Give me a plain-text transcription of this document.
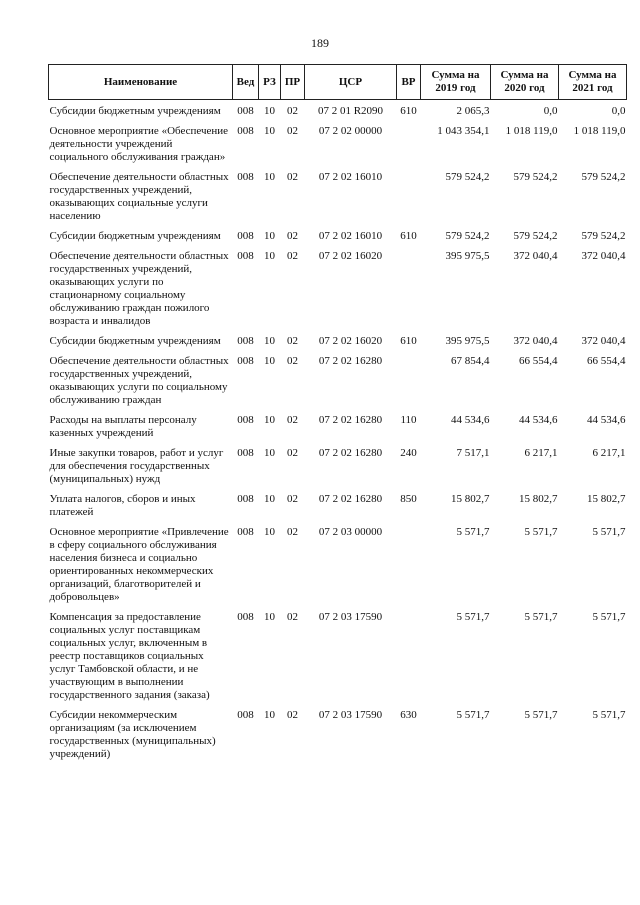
189
Наименование	Вед	РЗ	ПР	ЦСР	ВР	Сумма на 2019 год	Сумма на 2020 год	Сумма на 2021 год
Субсидии бюджетным учреждениям	008	10	02	07 2 01 R2090	610	2 065,3	0,0	0,0
Основное мероприятие «Обеспечение деятельности учреждений социального обслуживания граждан»	008	10	02	07 2 02 00000		1 043 354,1	1 018 119,0	1 018 119,0
Обеспечение деятельности областных государственных учреждений, оказывающих социальные услуги населению	008	10	02	07 2 02 16010		579 524,2	579 524,2	579 524,2
Субсидии бюджетным учреждениям	008	10	02	07 2 02 16010	610	579 524,2	579 524,2	579 524,2
Обеспечение деятельности областных государственных учреждений, оказывающих услуги по стационарному социальному обслуживанию граждан пожилого возраста и инвалидов	008	10	02	07 2 02 16020		395 975,5	372 040,4	372 040,4
Субсидии бюджетным учреждениям	008	10	02	07 2 02 16020	610	395 975,5	372 040,4	372 040,4
Обеспечение деятельности областных государственных учреждений, оказывающих услуги по социальному обслуживанию граждан	008	10	02	07 2 02 16280		67 854,4	66 554,4	66 554,4
Расходы на выплаты персоналу казенных учреждений	008	10	02	07 2 02 16280	110	44 534,6	44 534,6	44 534,6
Иные закупки товаров, работ и услуг для обеспечения государственных (муниципальных) нужд	008	10	02	07 2 02 16280	240	7 517,1	6 217,1	6 217,1
Уплата налогов, сборов и иных платежей	008	10	02	07 2 02 16280	850	15 802,7	15 802,7	15 802,7
Основное мероприятие «Привлечение в сферу социального обслуживания населения бизнеса и социально ориентированных некоммерческих организаций, благотворителей и добровольцев»	008	10	02	07 2 03 00000		5 571,7	5 571,7	5 571,7
Компенсация за предоставление социальных услуг поставщикам социальных услуг, включенным в реестр поставщиков социальных услуг Тамбовской области, и не участвующим в выполнении государственного задания (заказа)	008	10	02	07 2 03 17590		5 571,7	5 571,7	5 571,7
Субсидии некоммерческим организациям (за исключением государственных (муниципальных) учреждений)	008	10	02	07 2 03 17590	630	5 571,7	5 571,7	5 571,7
